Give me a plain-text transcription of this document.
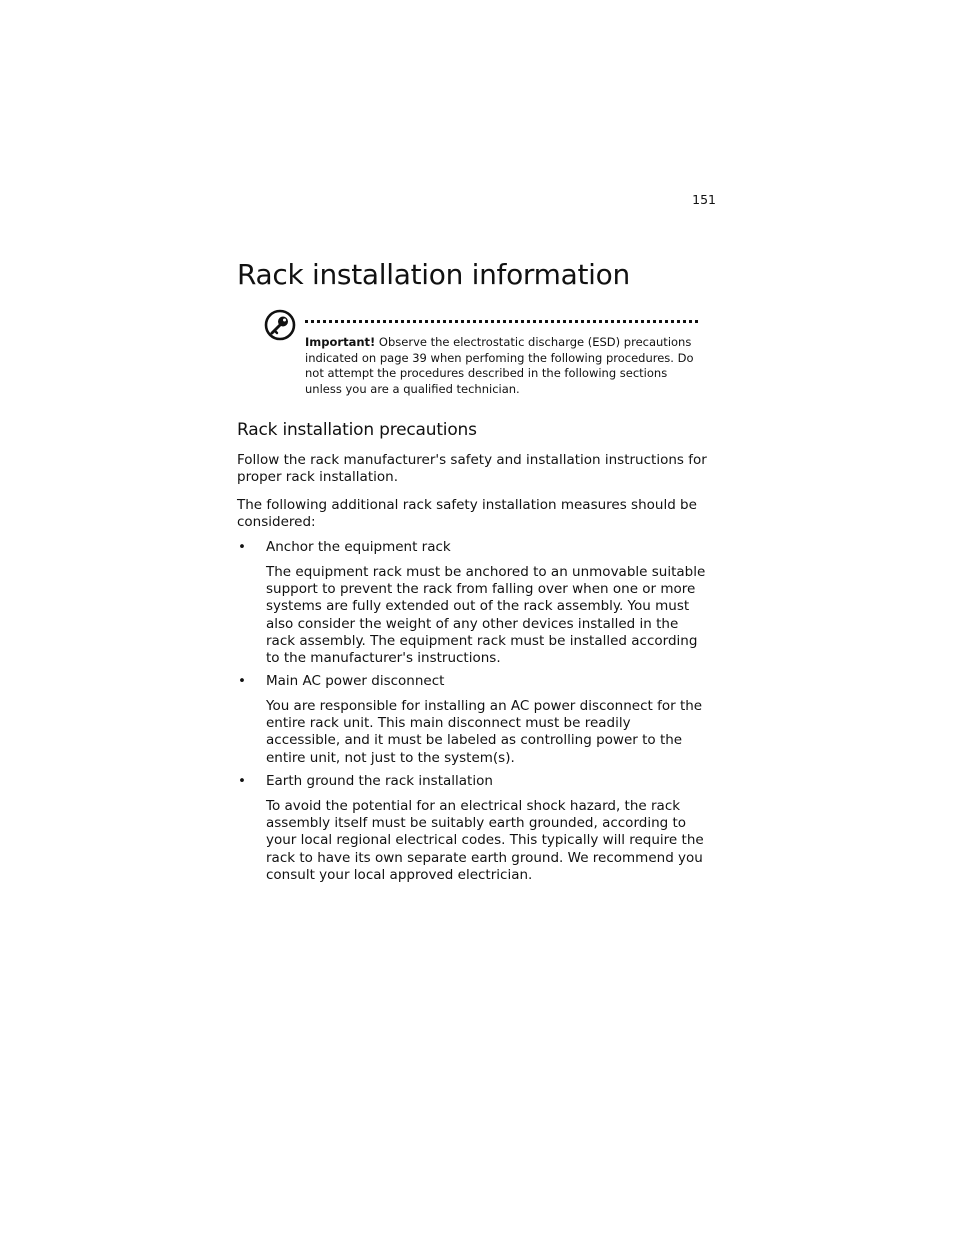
151
Rack installation information

Important! Observe the electrostatic discharge (ESD) precautions indicated on page 39 when perfoming the following procedures. Do not attempt the procedures described in the following sections unless you are a qualified technician.

Rack installation precautions

Follow the rack manufacturer's safety and installation instructions for proper rack installation.

The following additional rack safety installation measures should be considered:

• Anchor the equipment rack

The equipment rack must be anchored to an unmovable suitable support to prevent the rack from falling over when one or more systems are fully extended out of the rack assembly. You must also consider the weight of any other devices installed in the rack assembly. The equipment rack must be installed according to the manufacturer's instructions.

• Main AC power disconnect

You are responsible for installing an AC power disconnect for the entire rack unit. This main disconnect must be readily accessible, and it must be labeled as controlling power to the entire unit, not just to the system(s).

• Earth ground the rack installation

To avoid the potential for an electrical shock hazard, the rack assembly itself must be suitably earth grounded, according to your local regional electrical codes. This typically will require the rack to have its own separate earth ground. We recommend you consult your local approved electrician.
